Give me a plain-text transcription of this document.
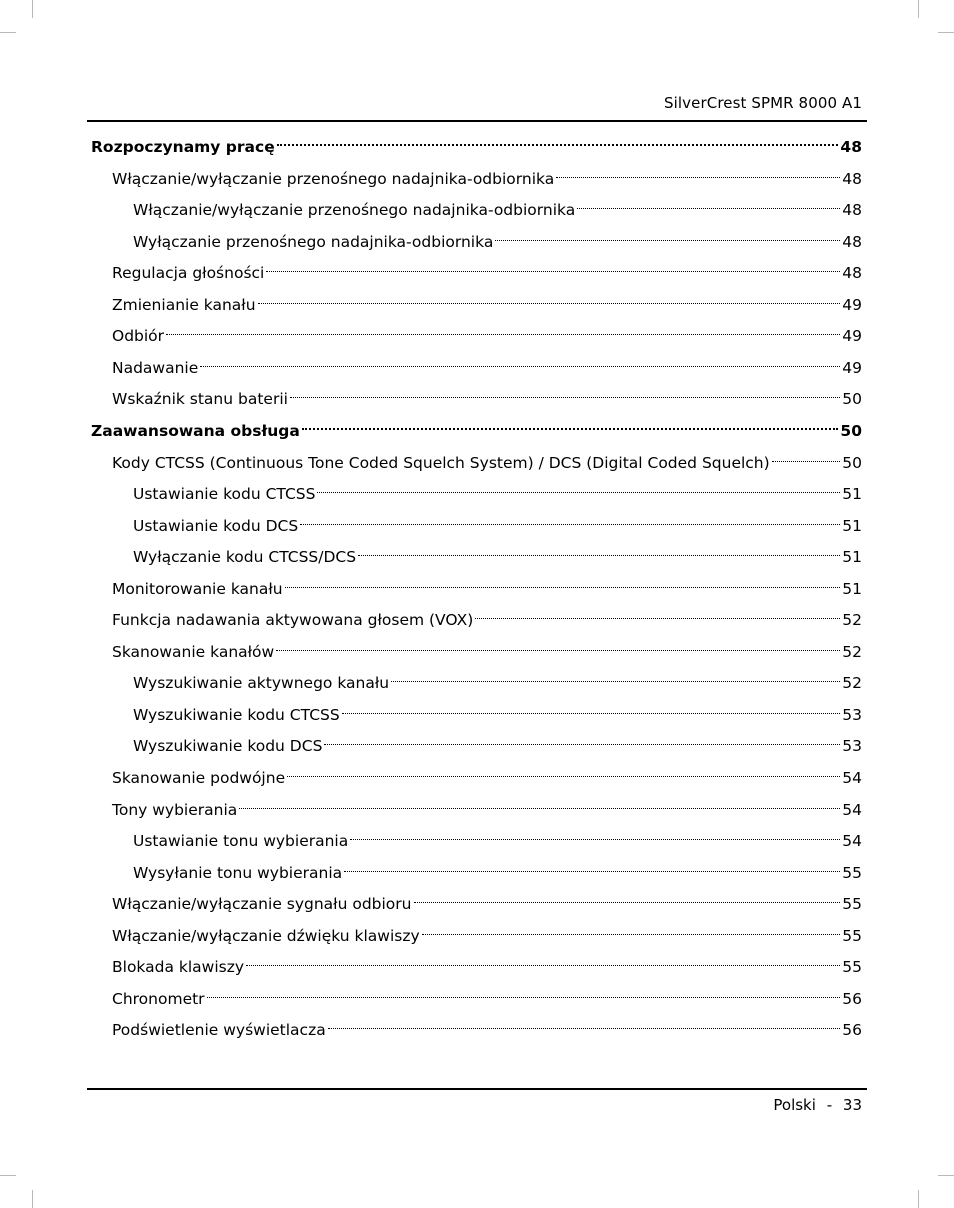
SilverCrest SPMR 8000 A1
Rozpoczynamy pracę	48
Włączanie/wyłączanie przenośnego nadajnika-odbiornika	48
Włączanie/wyłączanie przenośnego nadajnika-odbiornika	48
Wyłączanie przenośnego nadajnika-odbiornika	48
Regulacja głośności	48
Zmienianie kanału	49
Odbiór	49
Nadawanie	49
Wskaźnik stanu baterii	50
Zaawansowana obsługa	50
Kody CTCSS (Continuous Tone Coded Squelch System) / DCS (Digital Coded Squelch)	50
Ustawianie kodu CTCSS	51
Ustawianie kodu DCS	51
Wyłączanie kodu CTCSS/DCS	51
Monitorowanie kanału	51
Funkcja nadawania aktywowana głosem (VOX)	52
Skanowanie kanałów	52
Wyszukiwanie aktywnego kanału	52
Wyszukiwanie kodu CTCSS	53
Wyszukiwanie kodu DCS	53
Skanowanie podwójne	54
Tony wybierania	54
Ustawianie tonu wybierania	54
Wysyłanie tonu wybierania	55
Włączanie/wyłączanie sygnału odbioru	55
Włączanie/wyłączanie dźwięku klawiszy	55
Blokada klawiszy	55
Chronometr	56
Podświetlenie wyświetlacza	56
Polski - 33
